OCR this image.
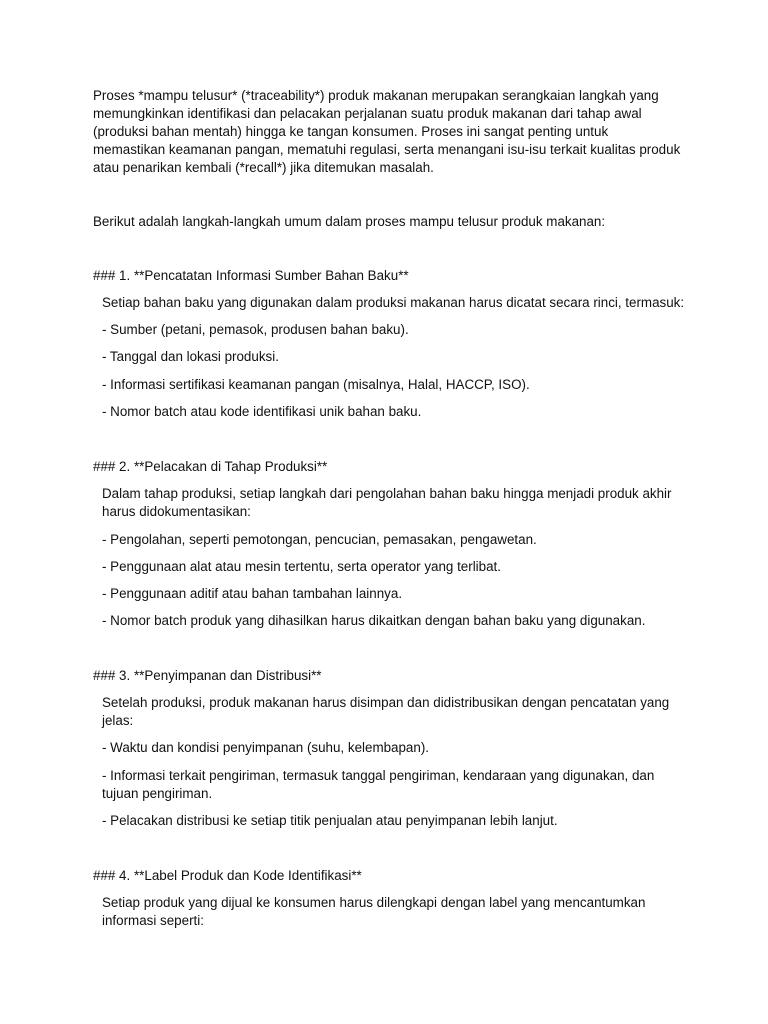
Proses *mampu telusur* (*traceability*) produk makanan merupakan serangkaian langkah yang memungkinkan identifikasi dan pelacakan perjalanan suatu produk makanan dari tahap awal (produksi bahan mentah) hingga ke tangan konsumen. Proses ini sangat penting untuk memastikan keamanan pangan, mematuhi regulasi, serta menangani isu-isu terkait kualitas produk atau penarikan kembali (*recall*) jika ditemukan masalah.

Berikut adalah langkah-langkah umum dalam proses mampu telusur produk makanan:

### 1. **Pencatatan Informasi Sumber Bahan Baku**

Setiap bahan baku yang digunakan dalam produksi makanan harus dicatat secara rinci, termasuk:

- Sumber (petani, pemasok, produsen bahan baku).

- Tanggal dan lokasi produksi.

- Informasi sertifikasi keamanan pangan (misalnya, Halal, HACCP, ISO).

- Nomor batch atau kode identifikasi unik bahan baku.

### 2. **Pelacakan di Tahap Produksi**

Dalam tahap produksi, setiap langkah dari pengolahan bahan baku hingga menjadi produk akhir harus didokumentasikan:

- Pengolahan, seperti pemotongan, pencucian, pemasakan, pengawetan.

- Penggunaan alat atau mesin tertentu, serta operator yang terlibat.

- Penggunaan aditif atau bahan tambahan lainnya.

- Nomor batch produk yang dihasilkan harus dikaitkan dengan bahan baku yang digunakan.

### 3. **Penyimpanan dan Distribusi**

Setelah produksi, produk makanan harus disimpan dan didistribusikan dengan pencatatan yang jelas:

- Waktu dan kondisi penyimpanan (suhu, kelembapan).

- Informasi terkait pengiriman, termasuk tanggal pengiriman, kendaraan yang digunakan, dan tujuan pengiriman.

- Pelacakan distribusi ke setiap titik penjualan atau penyimpanan lebih lanjut.

### 4. **Label Produk dan Kode Identifikasi**

Setiap produk yang dijual ke konsumen harus dilengkapi dengan label yang mencantumkan informasi seperti:
